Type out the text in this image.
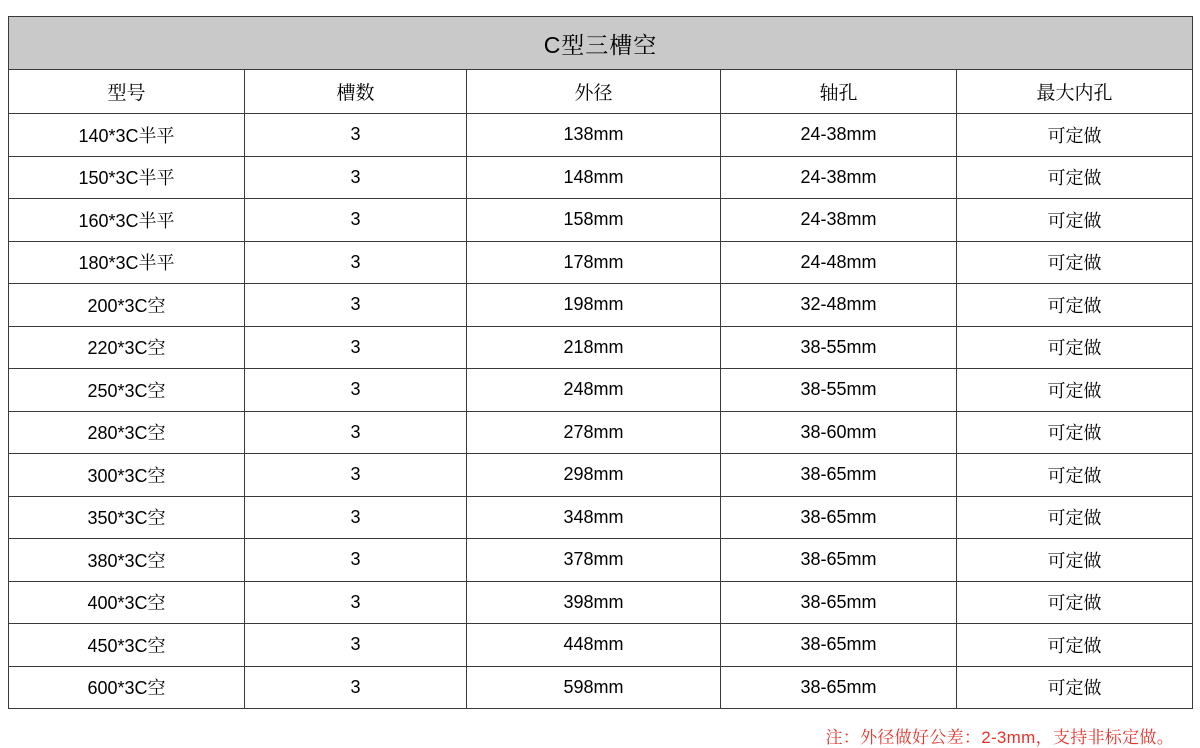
C型三槽空				
型号	槽数	外径	轴孔	最大内孔
140*3C半平	3	138mm	24-38mm	可定做
150*3C半平	3	148mm	24-38mm	可定做
160*3C半平	3	158mm	24-38mm	可定做
180*3C半平	3	178mm	24-48mm	可定做
200*3C空	3	198mm	32-48mm	可定做
220*3C空	3	218mm	38-55mm	可定做
250*3C空	3	248mm	38-55mm	可定做
280*3C空	3	278mm	38-60mm	可定做
300*3C空	3	298mm	38-65mm	可定做
350*3C空	3	348mm	38-65mm	可定做
380*3C空	3	378mm	38-65mm	可定做
400*3C空	3	398mm	38-65mm	可定做
450*3C空	3	448mm	38-65mm	可定做
600*3C空	3	598mm	38-65mm	可定做
注：外径做好公差：2-3mm，支持非标定做。
